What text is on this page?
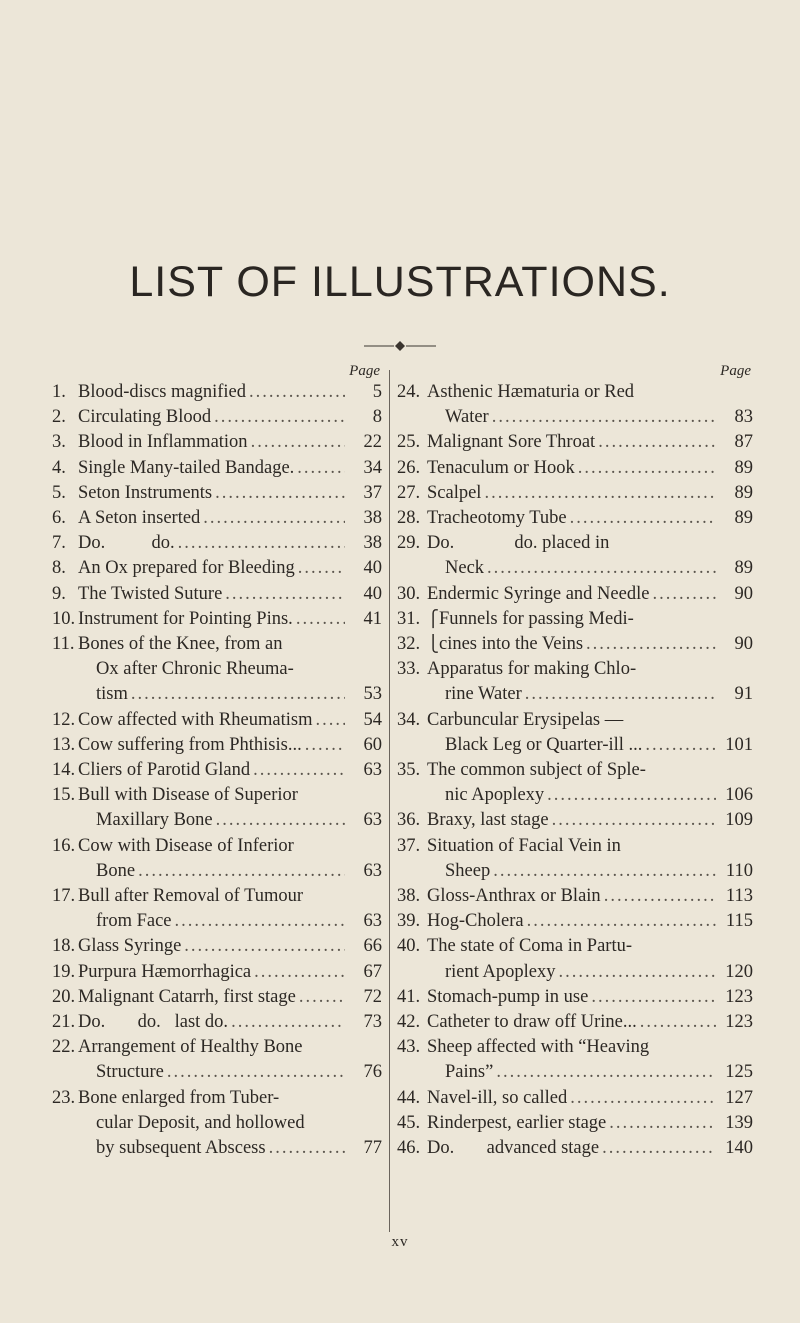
LIST OF ILLUSTRATIONS.
Page
1. Blood-discs magnified .....	5
2. Circulating Blood .....	8
3. Blood in Inflammation .....	22
4. Single Many-tailed Bandage. .....	34
5. Seton Instruments .....	37
6. A Seton inserted .....	38
7. Do.          do. .....	38
8. An Ox prepared for Bleeding .....	40
9. The Twisted Suture .....	40
10. Instrument for Pointing Pins. .....	41
11. Bones of the Knee, from an
Ox after Chronic Rheuma-
tism .....	53
12. Cow affected with Rheumatism .....	54
13. Cow suffering from Phthisis... .....	60
14. Cliers of Parotid Gland .....	63
15. Bull with Disease of Superior
Maxillary Bone .....	63
16. Cow with Disease of Inferior
Bone .....	63
17. Bull after Removal of Tumour
from Face .....	63
18. Glass Syringe .....	66
19. Purpura Hæmorrhagica .....	67
20. Malignant Catarrh, first stage .....	72
21. Do.       do.   last do. .....	73
22. Arrangement of Healthy Bone
Structure .....	76
23. Bone enlarged from Tuber-
cular Deposit, and hollowed
by subsequent Abscess .....	77
Page
24. Asthenic Hæmaturia or Red
Water .....	83
25. Malignant Sore Throat .....	87
26. Tenaculum or Hook .....	89
27. Scalpel .....	89
28. Tracheotomy Tube .....	89
29. Do.             do. placed in
Neck .....	89
30. Endermic Syringe and Needle .....	90
31. ⎧ Funnels for passing Medi-
32. ⎩ cines into the Veins .....	90
33. Apparatus for making Chlo-
rine Water .....	91
34. Carbuncular Erysipelas —
Black Leg or Quarter-ill ... .....	101
35. The common subject of Sple-
nic Apoplexy .....	106
36. Braxy, last stage .....	109
37. Situation of Facial Vein in
Sheep .....	110
38. Gloss-Anthrax or Blain .....	113
39. Hog-Cholera .....	115
40. The state of Coma in Partu-
rient Apoplexy .....	120
41. Stomach-pump in use .....	123
42. Catheter to draw off Urine... .....	123
43. Sheep affected with “Heaving
Pains” .....	125
44. Navel-ill, so called .....	127
45. Rinderpest, earlier stage .....	139
46. Do.       advanced stage .....	140
xv
